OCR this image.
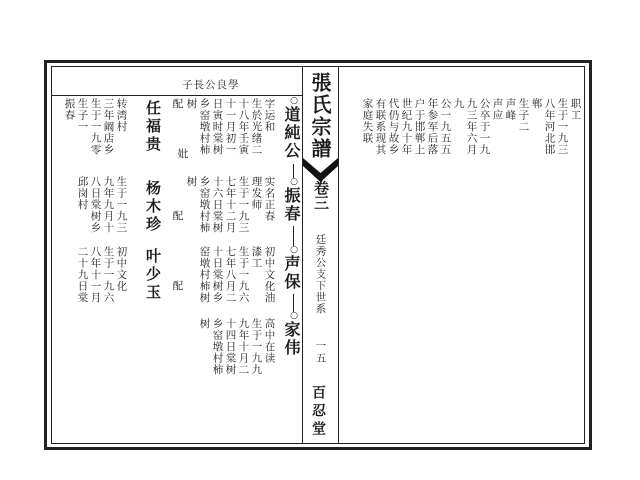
子長公良學	張氏宗譜
卷三
廷秀公支下世系
一五
百忍堂
职工
生于一九三
八年河北邯
郸
生子二
声峰
声应
公卒于一九
九三年六月
九
公一九五五
年参军后落
户于邯郸上
世纪九十年
代仍与故乡
有联系现其
家庭失联
○
道純公
○
振春
○
声保
○
家伟
字运和
生於光绪二
十八年壬寅
十一月初一
日寅时棠树
乡窑墩村柿
树
实名正春
理发师
生于一九三
七年十二月
十六日棠树
乡窑墩村柿
树
初中文化油
漆工
生于一九六
七年八月二
十日棠树乡
窑墩村柿树
高中在读
生于一九九
九年十月二
十四日棠树
乡窑墩村柿
树
配
妣
配
配
任福贵
杨木珍
叶少玉
转湾村
三年阚店乡
生于一九零
生子一
振春
生于一九三
九年九月十
八日棠树乡
邱岗村
初中文化
生于一九六
八年十一月
二十九日棠
